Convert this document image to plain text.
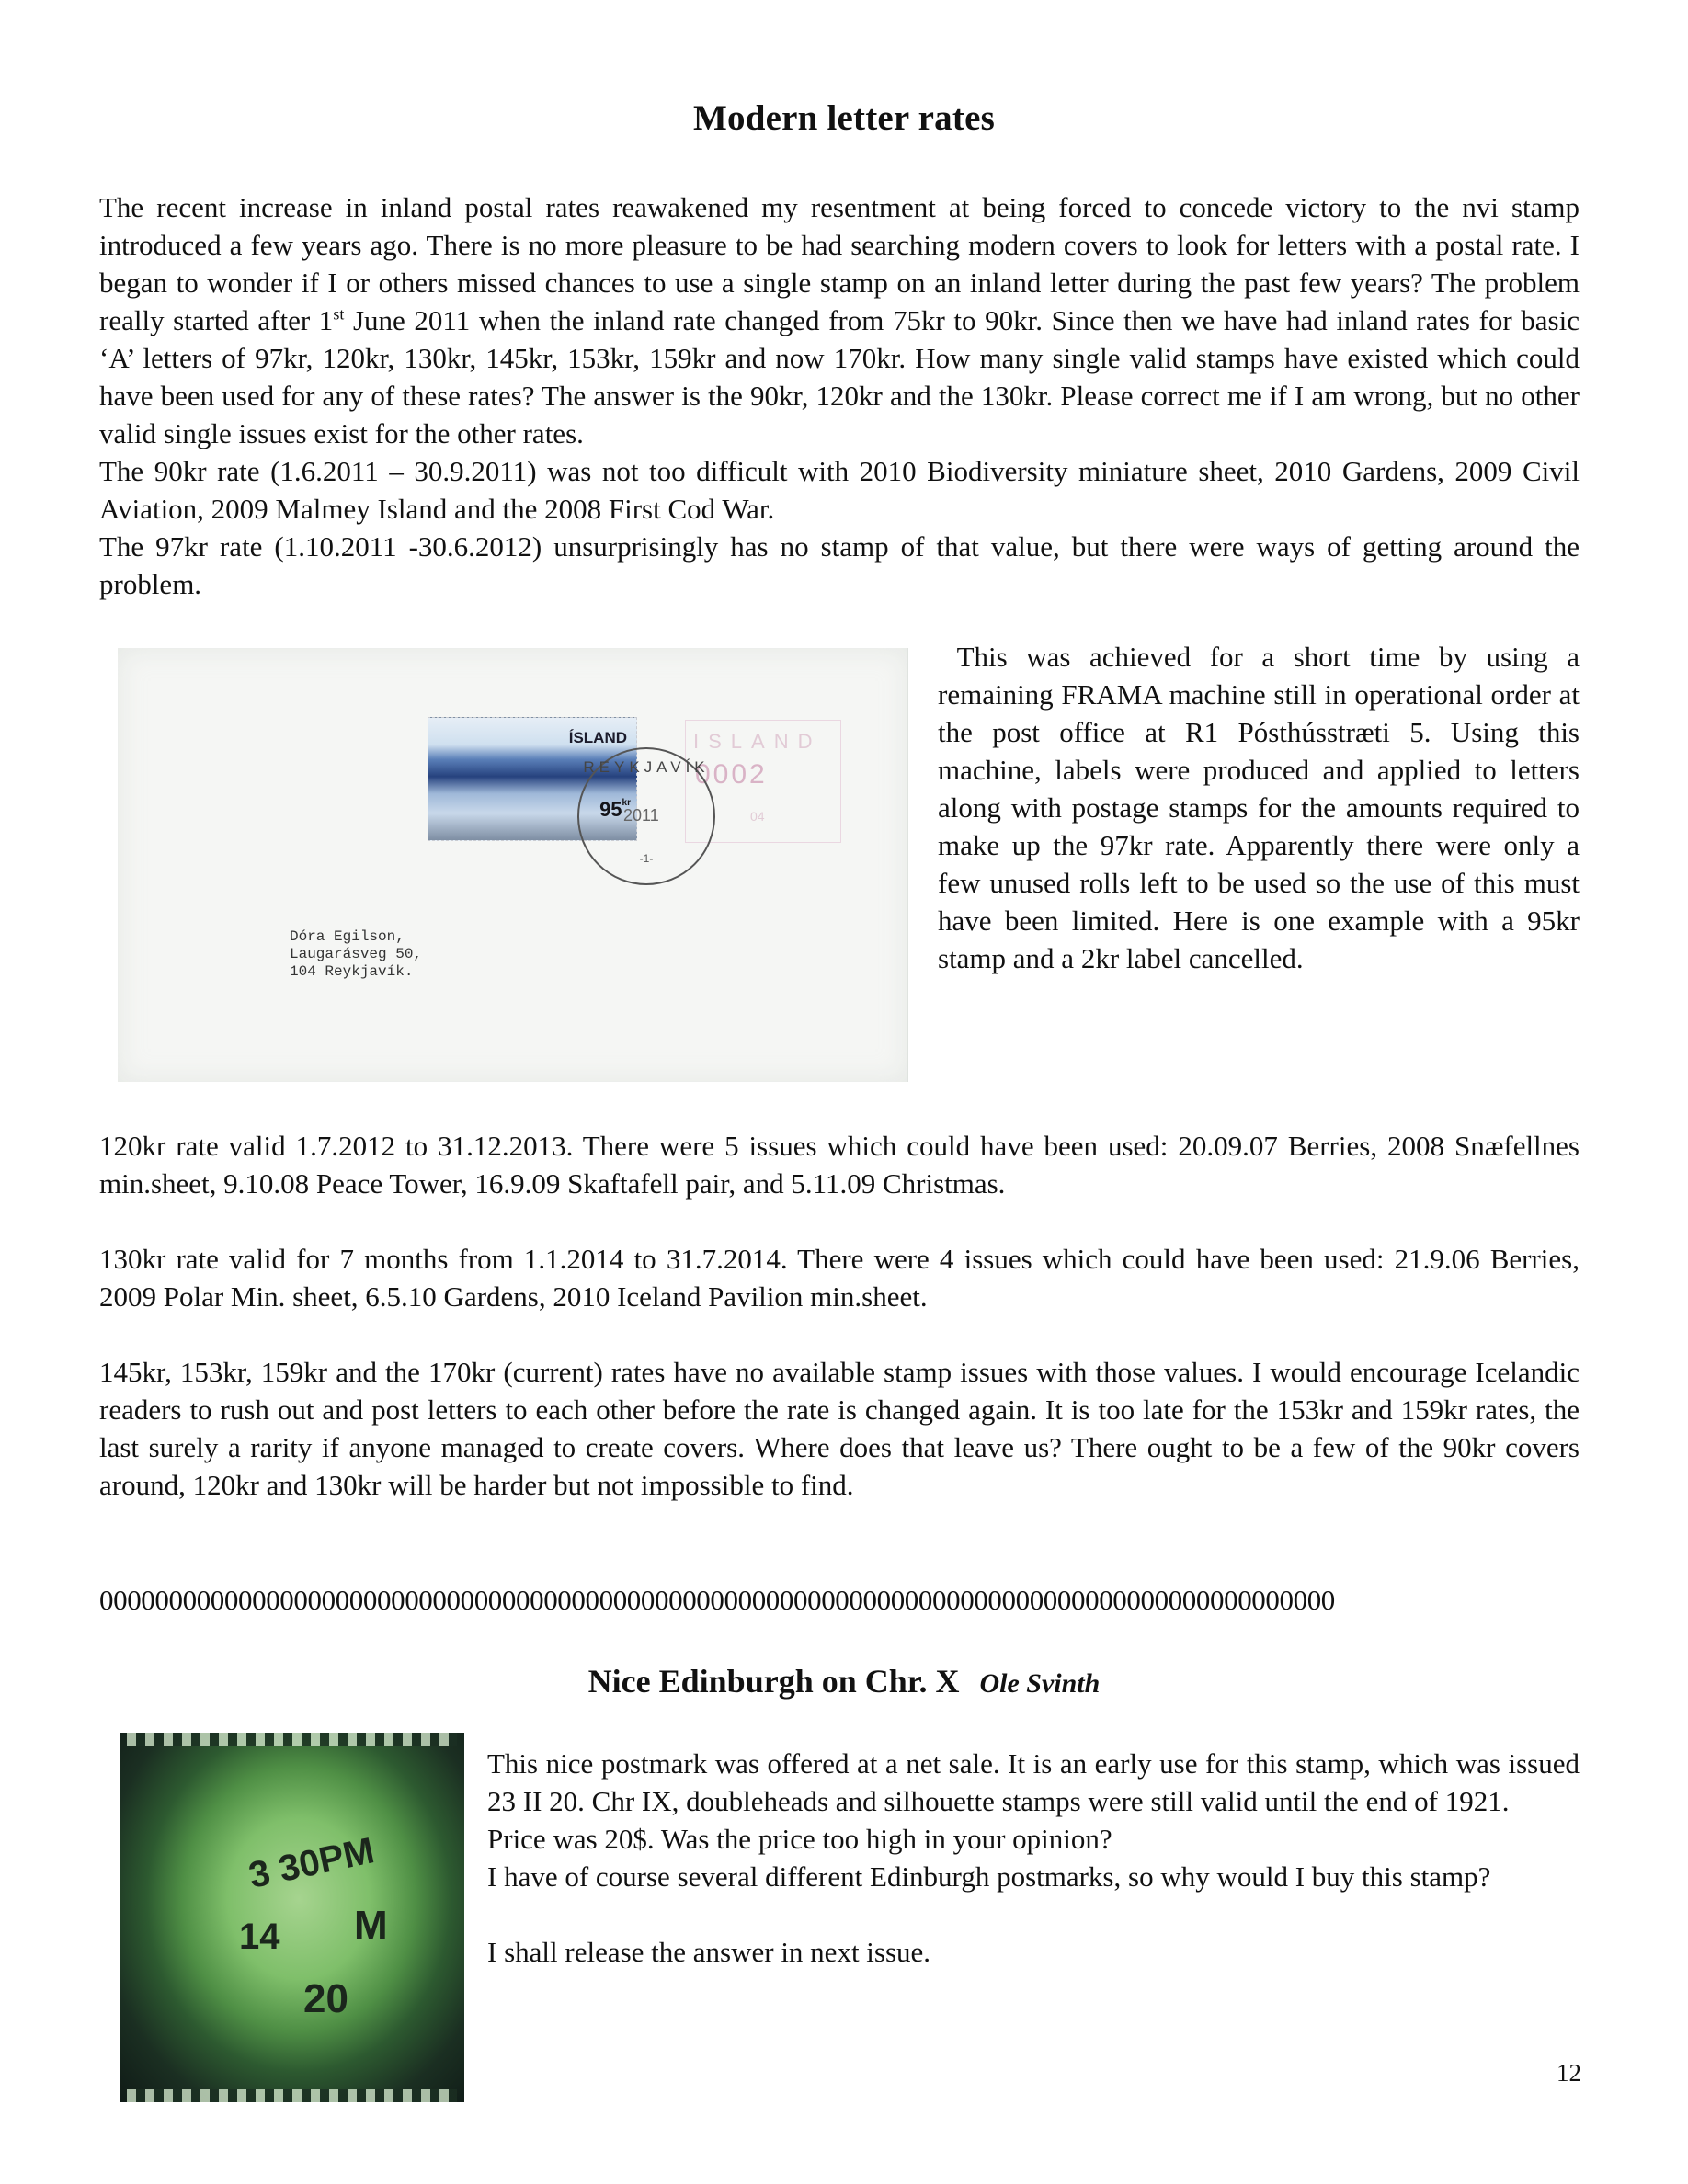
Modern letter rates

The recent increase in inland postal rates reawakened my resentment at being forced to concede victory to the nvi stamp introduced a few years ago. There is no more pleasure to be had searching modern covers to look for letters with a postal rate. I began to wonder if I or others missed chances to use a single stamp on an inland letter during the past few years? The problem really started after 1st June 2011 when the inland rate changed from 75kr to 90kr. Since then we have had inland rates for basic ‘A’ letters of 97kr, 120kr, 130kr, 145kr, 153kr, 159kr and now 170kr. How many single valid stamps have existed which could have been used for any of these rates? The answer is the 90kr, 120kr and the 130kr. Please correct me if I am wrong, but no other valid single issues exist for the other rates.

The 90kr rate (1.6.2011 – 30.9.2011) was not too difficult with 2010 Biodiversity miniature sheet, 2010 Gardens, 2009 Civil Aviation, 2009 Malmey Island and the 2008 First Cod War.

The 97kr rate (1.10.2011 -30.6.2012) unsurprisingly has no stamp of that value, but there were ways of getting around the problem.

ÍSLAND
$95^{kr}$
ISLAND
0002
04
REYKJAVÍK
2011
-1-
Dóra Egilson,
Laugarásveg 50,
104 Reykjavík.
This was achieved for a short time by using a remaining FRAMA machine still in operational order at the post office at R1 Pósthússtræti 5. Using this machine, labels were produced and applied to letters along with postage stamps for the amounts required to make up the 97kr rate. Apparently there were only a few unused rolls left to be used so the use of this must have been limited. Here is one example with a 95kr stamp and a 2kr label cancelled.
120kr rate valid 1.7.2012 to 31.12.2013. There were 5 issues which could have been used: 20.09.07 Berries, 2008 Snæfellnes min.sheet, 9.10.08 Peace Tower, 16.9.09 Skaftafell pair, and 5.11.09 Christmas.
130kr rate valid for 7 months from 1.1.2014 to 31.7.2014. There were 4 issues which could have been used: 21.9.06 Berries, 2009 Polar Min. sheet, 6.5.10 Gardens, 2010 Iceland Pavilion min.sheet.
145kr, 153kr, 159kr and the 170kr (current) rates have no available stamp issues with those values. I would encourage Icelandic readers to rush out and post letters to each other before the rate is changed again. It is too late for the 153kr and 159kr rates, the last surely a rarity if anyone managed to create covers. Where does that leave us? There ought to be a few of the 90kr covers around, 120kr and 130kr will be harder but not impossible to find.
00000000000000000000000000000000000000000000000000000000000000000000000000000000000000000
Nice Edinburgh on Chr. X Ole Svinth
3 30PM
14 M
20

This nice postmark was offered at a net sale. It is an early use for this stamp, which was issued 23 II 20. Chr IX, doubleheads and silhouette stamps were still valid until the end of 1921.

Price was 20$. Was the price too high in your opinion?

I have of course several different Edinburgh postmarks, so why would I buy this stamp?

I shall release the answer in next issue.

12
